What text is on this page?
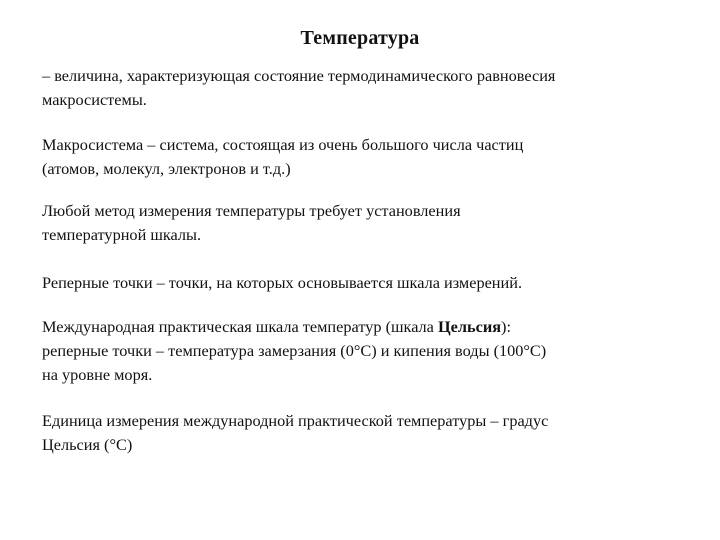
Температура

– величина, характеризующая состояние термодинамического равновесия
макросистемы.

Макросистема – система, состоящая из очень большого числа частиц
(атомов, молекул, электронов и т.д.)

Любой метод измерения температуры требует установления
температурной шкалы.

Реперные точки – точки, на которых основывается шкала измерений.

Международная практическая шкала температур (шкала Цельсия):
реперные точки – температура замерзания (0°С) и кипения воды (100°С)
на уровне моря.

Единица измерения международной практической температуры – градус
Цельсия (°С)
